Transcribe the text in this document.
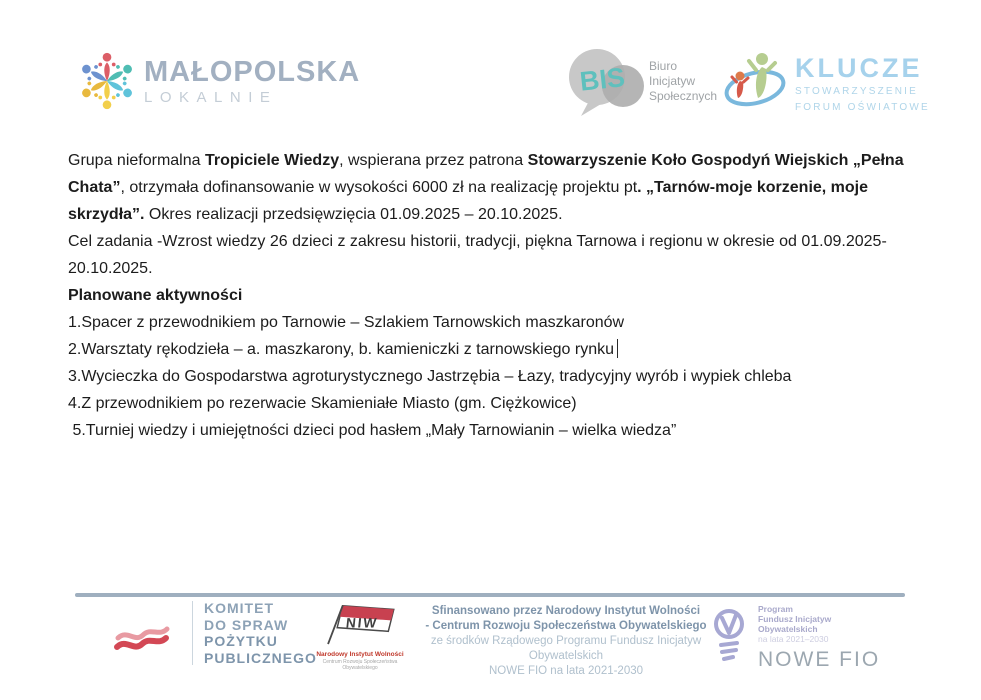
MAŁOPOLSKA
LOKALNIE
BIS Biuro
Inicjatyw
Społecznych
KLUCZE
STOWARZYSZENIE
FORUM OŚWIATOWE

Grupa nieformalna Tropiciele Wiedzy, wspierana przez patrona Stowarzyszenie Koło Gospodyń Wiejskich „Pełna Chata”, otrzymała dofinansowanie w wysokości 6000 zł na realizację projektu pt. „Tarnów-moje korzenie, moje skrzydła”. Okres realizacji przedsięwzięcia 01.09.2025 – 20.10.2025.

Cel zadania -Wzrost wiedzy 26 dzieci z zakresu historii, tradycji, piękna Tarnowa i regionu w okresie od 01.09.2025-20.10.2025.

Planowane aktywności

1.Spacer z przewodnikiem po Tarnowie – Szlakiem Tarnowskich maszkaronów

2.Warsztaty rękodzieła – a. maszkarony, b. kamieniczki z tarnowskiego rynku

3.Wycieczka do Gospodarstwa agroturystycznego Jastrzębia – Łazy, tradycyjny wyrób i wypiek chleba

4.Z przewodnikiem po rezerwacie Skamieniałe Miasto (gm. Ciężkowice)

5.Turniej wiedzy i umiejętności dzieci pod hasłem „Mały Tarnowianin – wielka wiedza”

KOMITET
DO SPRAW
POŻYTKU
PUBLICZNEGO
NIW
Narodowy Instytut Wolności
Centrum Rozwoju Społeczeństwa Obywatelskiego
Sfinansowano przez Narodowy Instytut Wolności
- Centrum Rozwoju Społeczeństwa Obywatelskiego
ze środków Rządowego Programu Fundusz Inicjatyw Obywatelskich
NOWE FIO na lata 2021-2030
Program
Fundusz Inicjatyw
Obywatelskich
na lata 2021–2030
NOWE FIO
